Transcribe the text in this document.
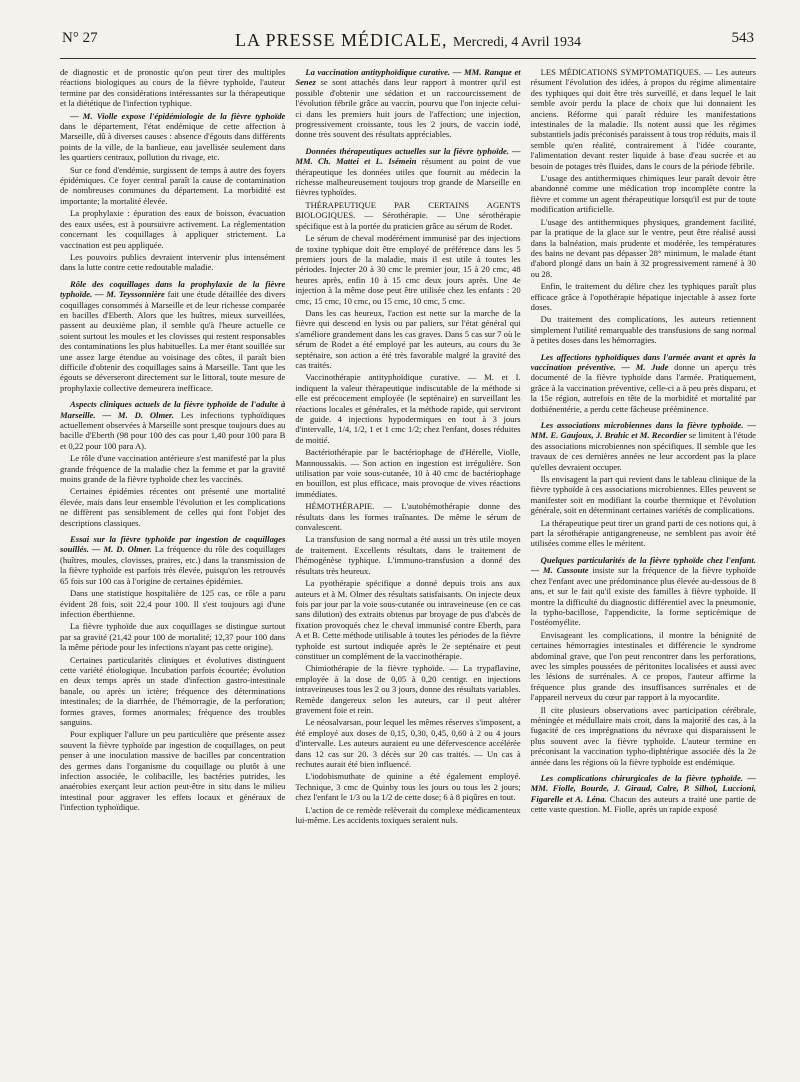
N° 27	LA PRESSE MÉDICALE, Mercredi, 4 Avril 1934	543

de diagnostic et de pronostic qu'on peut tirer des multiples réactions biologiques au cours de la fièvre typhoïde, l'auteur termine par des considérations intéressantes sur la thérapeutique et la diététique de l'infection typhique.

— M. Violle expose l'épidémiologie de la fièvre typhoïde dans le département, l'état endémique de cette affection à Marseille, dû à diverses causes : absence d'égouts dans différents points de la ville, de la banlieue, eau javellisée seulement dans les quartiers centraux, pollution du rivage, etc.

Sur ce fond d'endémie, surgissent de temps à autre des foyers épidémiques. Ce foyer central paraît la cause de contamination de nombreuses communes du département. La morbidité est importante; la mortalité élevée.

La prophylaxie : épuration des eaux de boisson, évacuation des eaux usées, est à poursuivre activement. La réglementation concernant les coquillages à appliquer strictement. La vaccination est peu appliquée.

Les pouvoirs publics devraient intervenir plus intensément dans la lutte contre cette redoutable maladie.

Rôle des coquillages dans la prophylaxie de la fièvre typhoïde. — M. Teyssonnière fait une étude détaillée des divers coquillages consommés à Marseille et de leur richesse comparée en bacilles d'Eberth. Alors que les huîtres, mieux surveillées, passent au deuxième plan, il semble qu'à l'heure actuelle ce soient surtout les moules et les clovisses qui restent responsables des contaminations les plus habituelles. La mer étant souillée sur une assez large étendue au voisinage des côtes, il paraît bien difficile d'obtenir des coquillages sains à Marseille. Tant que les égouts se déverseront directement sur le littoral, toute mesure de prophylaxie collective demeurera inefficace.

Aspects cliniques actuels de la fièvre typhoïde de l'adulte à Marseille. — M. D. Olmer. Les infections typhoïdiques actuellement observées à Marseille sont presque toujours dues au bacille d'Eberth (98 pour 100 des cas pour 1,40 pour 100 para B et 0,22 pour 100 para A).

Le rôle d'une vaccination antérieure s'est manifesté par la plus grande fréquence de la maladie chez la femme et par la gravité moins grande de la fièvre typhoïde chez les vaccinés.

Certaines épidémies récentes ont présenté une mortalité élevée, mais dans leur ensemble l'évolution et les complications ne diffèrent pas sensiblement de celles qui font l'objet des descriptions classiques.

Essai sur la fièvre typhoïde par ingestion de coquillages souillés. — M. D. Olmer. La fréquence du rôle des coquillages (huîtres, moules, clovisses, praires, etc.) dans la transmission de la fièvre typhoïde est parfois très élevée, puisqu'on les retrouvés 65 fois sur 100 cas à l'origine de certaines épidémies.

Dans une statistique hospitalière de 125 cas, ce rôle a paru évident 28 fois, soit 22,4 pour 100. Il s'est toujours agi d'une infection éberthienne.

La fièvre typhoïde due aux coquillages se distingue surtout par sa gravité (21,42 pour 100 de mortalité; 12,37 pour 100 dans la même période pour les infections n'ayant pas cette origine).

Certaines particularités cliniques et évolutives distinguent cette variété étiologique. Incubation parfois écourtée; évolution en deux temps après un stade d'infection gastro-intestinale banale, ou après un ictère; fréquence des déterminations intestinales; de la diarrhée, de l'hémorragie, de la perforation; formes graves, formes anormales; fréquence des troubles sanguins.

Pour expliquer l'allure un peu particulière que présente assez souvent la fièvre typhoïde par ingestion de coquillages, on peut penser à une inoculation massive de bacilles par concentration des germes dans l'organisme du coquillage ou plutôt à une infection associée, le colibacille, les bactéries putrides, les anaérobies exerçant leur action peut-être in situ dans le milieu intestinal pour aggraver les effets locaux et généraux de l'infection typhoïdique.

La vaccination antityphoïdique curative. — MM. Ranque et Senez se sont attachés dans leur rapport à montrer qu'il est possible d'obtenir une sédation et un raccourcissement de l'évolution fébrile grâce au vaccin, pourvu que l'on injecte celui-ci dans les premiers huit jours de l'affection; une injection, progressivement croissante, tous les 2 jours, de vaccin iodé, donne très souvent des résultats appréciables.

Données thérapeutiques actuelles sur la fièvre typhoïde. — MM. Ch. Mattei et L. Isémein résument au point de vue thérapeutique les données utiles que fournit au médecin la richesse malheureusement toujours trop grande de Marseille en fièvres typhoïdes.

THÉRAPEUTIQUE PAR CERTAINS AGENTS BIOLOGIQUES. — Sérothérapie. — Une sérothérapie spécifique est à la portée du praticien grâce au sérum de Rodet.

Le sérum de cheval modérément immunisé par des injections de toxine typhique doit être employé de préférence dans les 5 premiers jours de la maladie, mais il est utile à toutes les périodes. Injecter 20 à 30 cmc le premier jour, 15 à 20 cmc, 48 heures après, enfin 10 à 15 cmc deux jours après. Une 4e injection à la même dose peut être utilisée chez les enfants : 20 cmc, 15 cmc, 10 cmc, ou 15 cmc, 10 cmc, 5 cmc.

Dans les cas heureux, l'action est nette sur la marche de la fièvre qui descend en lysis ou par paliers, sur l'état général qui s'améliore grandement dans les cas graves. Dans 5 cas sur 7 où le sérum de Rodet a été employé par les auteurs, au cours du 3e septénaire, son action a été très favorable malgré la gravité des cas traités.

Vaccinothérapie antityphoïdique curative. — M. et I. indiquent la valeur thérapeutique indiscutable de la méthode si elle est précocement employée (le septénaire) en surveillant les réactions locales et générales, et la méthode rapide, qui serviront de guide. 4 injections hypodermiques en tout à 3 jours d'intervalle, 1/4, 1/2, 1 et 1 cmc 1/2; chez l'enfant, doses réduites de moitié.

Bactériothérapie par le bactériophage de d'Hérelle, Violle, Mannoussakis. — Son action en ingestion est irrégulière. Son utilisation par voie sous-cutanée, 10 à 40 cmc de bactériophage en bouillon, est plus efficace, mais provoque de vives réactions immédiates.

HÉMOTHÉRAPIE. — L'autohémothérapie donne des résultats dans les formes traînantes. De même le sérum de convalescent.

La transfusion de sang normal a été aussi un très utile moyen de traitement. Excellents résultats, dans le traitement de l'hémogénèse typhique. L'immuno-transfusion a donné des résultats très heureux.

La pyothérapie spécifique a donné depuis trois ans aux auteurs et à M. Olmer des résultats satisfaisants. On injecte deux fois par jour par la voie sous-cutanée ou intraveineuse (en ce cas sans dilution) des extraits obtenus par broyage de pus d'abcès de fixation provoqués chez le cheval immunisé contre Eberth, para A et B. Cette méthode utilisable à toutes les périodes de la fièvre typhoïde est surtout indiquée après le 2e septénaire et peut constituer un complément de la vaccinothérapie.

Chimiothérapie de la fièvre typhoïde. — La trypaflavine, employée à la dose de 0,05 à 0,20 centigr. en injections intraveineuses tous les 2 ou 3 jours, donne des résultats variables. Remède dangereux selon les auteurs, car il peut altérer gravement foie et rein.

Le néosalvarsan, pour lequel les mêmes réserves s'imposent, a été employé aux doses de 0,15, 0,30, 0,45, 0,60 à 2 ou 4 jours d'intervalle. Les auteurs auraient eu une défervescence accélérée dans 12 cas sur 20. 3 décès sur 20 cas traités. — Un cas à rechutes aurait été bien influencé.

L'iodobismuthate de quinine a été également employé. Technique, 3 cmc de Quinby tous les jours ou tous les 2 jours; chez l'enfant le 1/3 ou la 1/2 de cette dose; 6 à 8 piqûres en tout.

L'action de ce remède relèverait du complexe médicamenteux lui-même. Les accidents toxiques seraient nuls.

LES MÉDICATIONS SYMPTOMATIQUES. — Les auteurs résument l'évolution des idées, à propos du régime alimentaire des typhiques qui doit être très surveillé, et dans lequel le lait semble avoir perdu la place de choix que lui donnaient les anciens. Réforme qui paraît réduire les manifestations intestinales de la maladie. Ils notent aussi que les régimes substantiels jadis préconisés paraissent à tous trop réduits, mais il semble qu'en réalité, contrairement à l'idée courante, l'alimentation devant rester liquide à base d'eau sucrée et au besoin de potages très fluides, dans le cours de la période fébrile.

L'usage des antithermiques chimiques leur paraît devoir être abandonné comme une médication trop incomplète contre la fièvre et comme un agent thérapeutique lorsqu'il est pur de toute modification artificielle.

L'usage des antithermiques physiques, grandement facilité, par la pratique de la glace sur le ventre, peut être réalisé aussi dans la balnéation, mais prudente et modérée, les températures des bains ne devant pas dépasser 28° minimum, le malade étant d'abord plongé dans un bain à 32 progressivement ramené à 30 ou 28.

Enfin, le traitement du délire chez les typhiques paraît plus efficace grâce à l'opothérapie hépatique injectable à assez forte doses.

Du traitement des complications, les auteurs retiennent simplement l'utilité remarquable des transfusions de sang normal à petites doses dans les hémorragies.

Les affections typhoïdiques dans l'armée avant et après la vaccination préventive. — M. Jude donne un aperçu très documenté de la fièvre typhoïde dans l'armée. Pratiquement, grâce à la vaccination préventive, celle-ci a à peu près disparu, et la 15e région, autrefois en tête de la morbidité et mortalité par dothiénentérie, a perdu cette fâcheuse prééminence.

Les associations microbiennes dans la fièvre typhoïde. — MM. E. Gaujoux, J. Brahic et M. Recordier se limitent à l'étude des associations microbiennes non spécifiques. Il semble que les travaux de ces dernières années ne leur accordent pas la place qu'elles devraient occuper.

Ils envisagent la part qui revient dans le tableau clinique de la fièvre typhoïde à ces associations microbiennes. Elles peuvent se manifester soit en modifiant la courbe thermique et l'évolution générale, soit en déterminant certaines variétés de complications.

La thérapeutique peut tirer un grand parti de ces notions qui, à part la sérothérapie antigangreneuse, ne semblent pas avoir été utilisées comme elles le méritent.

Quelques particularités de la fièvre typhoïde chez l'enfant. — M. Cassoute insiste sur la fréquence de la fièvre typhoïde chez l'enfant avec une prédominance plus élevée au-dessous de 8 ans, et sur le fait qu'il existe des familles à fièvre typhoïde. Il montre la difficulté du diagnostic différentiel avec la pneumonie, la typho-bacillose, l'appendicite, la forme septicémique de l'ostéomyélite.

Envisageant les complications, il montre la bénignité de certaines hémorragies intestinales et différencie le syndrome abdominal grave, que l'on peut rencontrer dans les perforations, avec les simples poussées de péritonites localisées et aussi avec les lésions de surrénales. A ce propos, l'auteur affirme la fréquence plus grande des insuffisances surrénales et de l'appareil nerveux du cœur par rapport à la myocardite.

Il cite plusieurs observations avec participation cérébrale, méningée et médullaire mais croit, dans la majorité des cas, à la fugacité de ces imprégnations du névraxe qui disparaissent le plus souvent avec la fièvre typhoïde. L'auteur termine en préconisant la vaccination typho-diphtérique associée dès la 2e année dans les régions où la fièvre typhoïde est endémique.

Les complications chirurgicales de la fièvre typhoïde. — MM. Fiolle, Bourde, J. Giraud, Calre, P. Silhol, Luccioni, Figarelle et A. Léna. Chacun des auteurs a traité une partie de cette vaste question. M. Fiolle, après un rapide exposé
